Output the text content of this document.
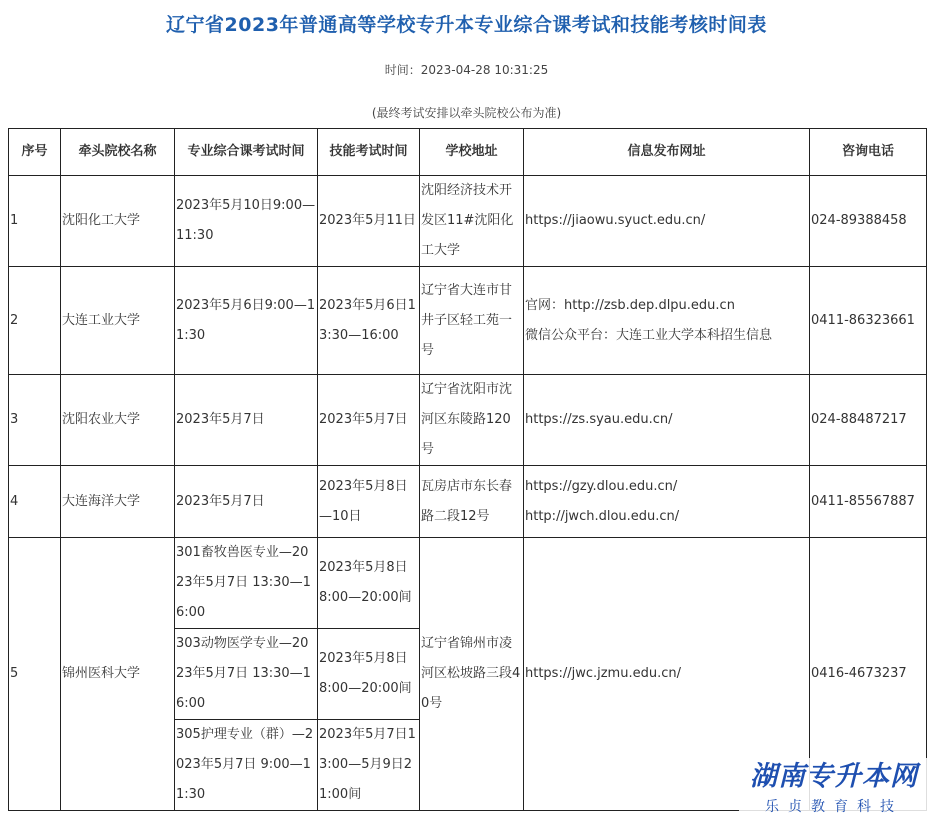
辽宁省2023年普通高等学校专升本专业综合课考试和技能考核时间表
时间：2023-04-28 10:31:25
(最终考试安排以牵头院校公布为准)
序号	牵头院校名称	专业综合课考试时间	技能考试时间	学校地址	信息发布网址	咨询电话
1	沈阳化工大学	2023年5月10日9:00—11:30	2023年5月11日	沈阳经济技术开发区11#沈阳化工大学	https://jiaowu.syuct.edu.cn/	024-89388458
2	大连工业大学	2023年5月6日9:00—11:30	2023年5月6日13:30—16:00	辽宁省大连市甘井子区轻工苑一号	官网：http://zsb.dep.dlpu.edu.cn
微信公众平台：大连工业大学本科招生信息	0411-86323661
3	沈阳农业大学	2023年5月7日	2023年5月7日	辽宁省沈阳市沈河区东陵路120号	https://zs.syau.edu.cn/	024-88487217
4	大连海洋大学	2023年5月7日	2023年5月8日—10日	瓦房店市东长春路二段12号	https://gzy.dlou.edu.cn/
http://jwch.dlou.edu.cn/	0411-85567887
5	锦州医科大学	301畜牧兽医专业—2023年5月7日 13:30—16:00	2023年5月8日8:00—20:00间	辽宁省锦州市凌河区松坡路三段40号	https://jwc.jzmu.edu.cn/	0416-4673237
		303动物医学专业—2023年5月7日 13:30—16:00	2023年5月8日8:00—20:00间			
		305护理专业（群）—2023年5月7日 9:00—11:30	2023年5月7日13:00—5月9日21:00间			
湖南专升本网
乐贞教育科技
